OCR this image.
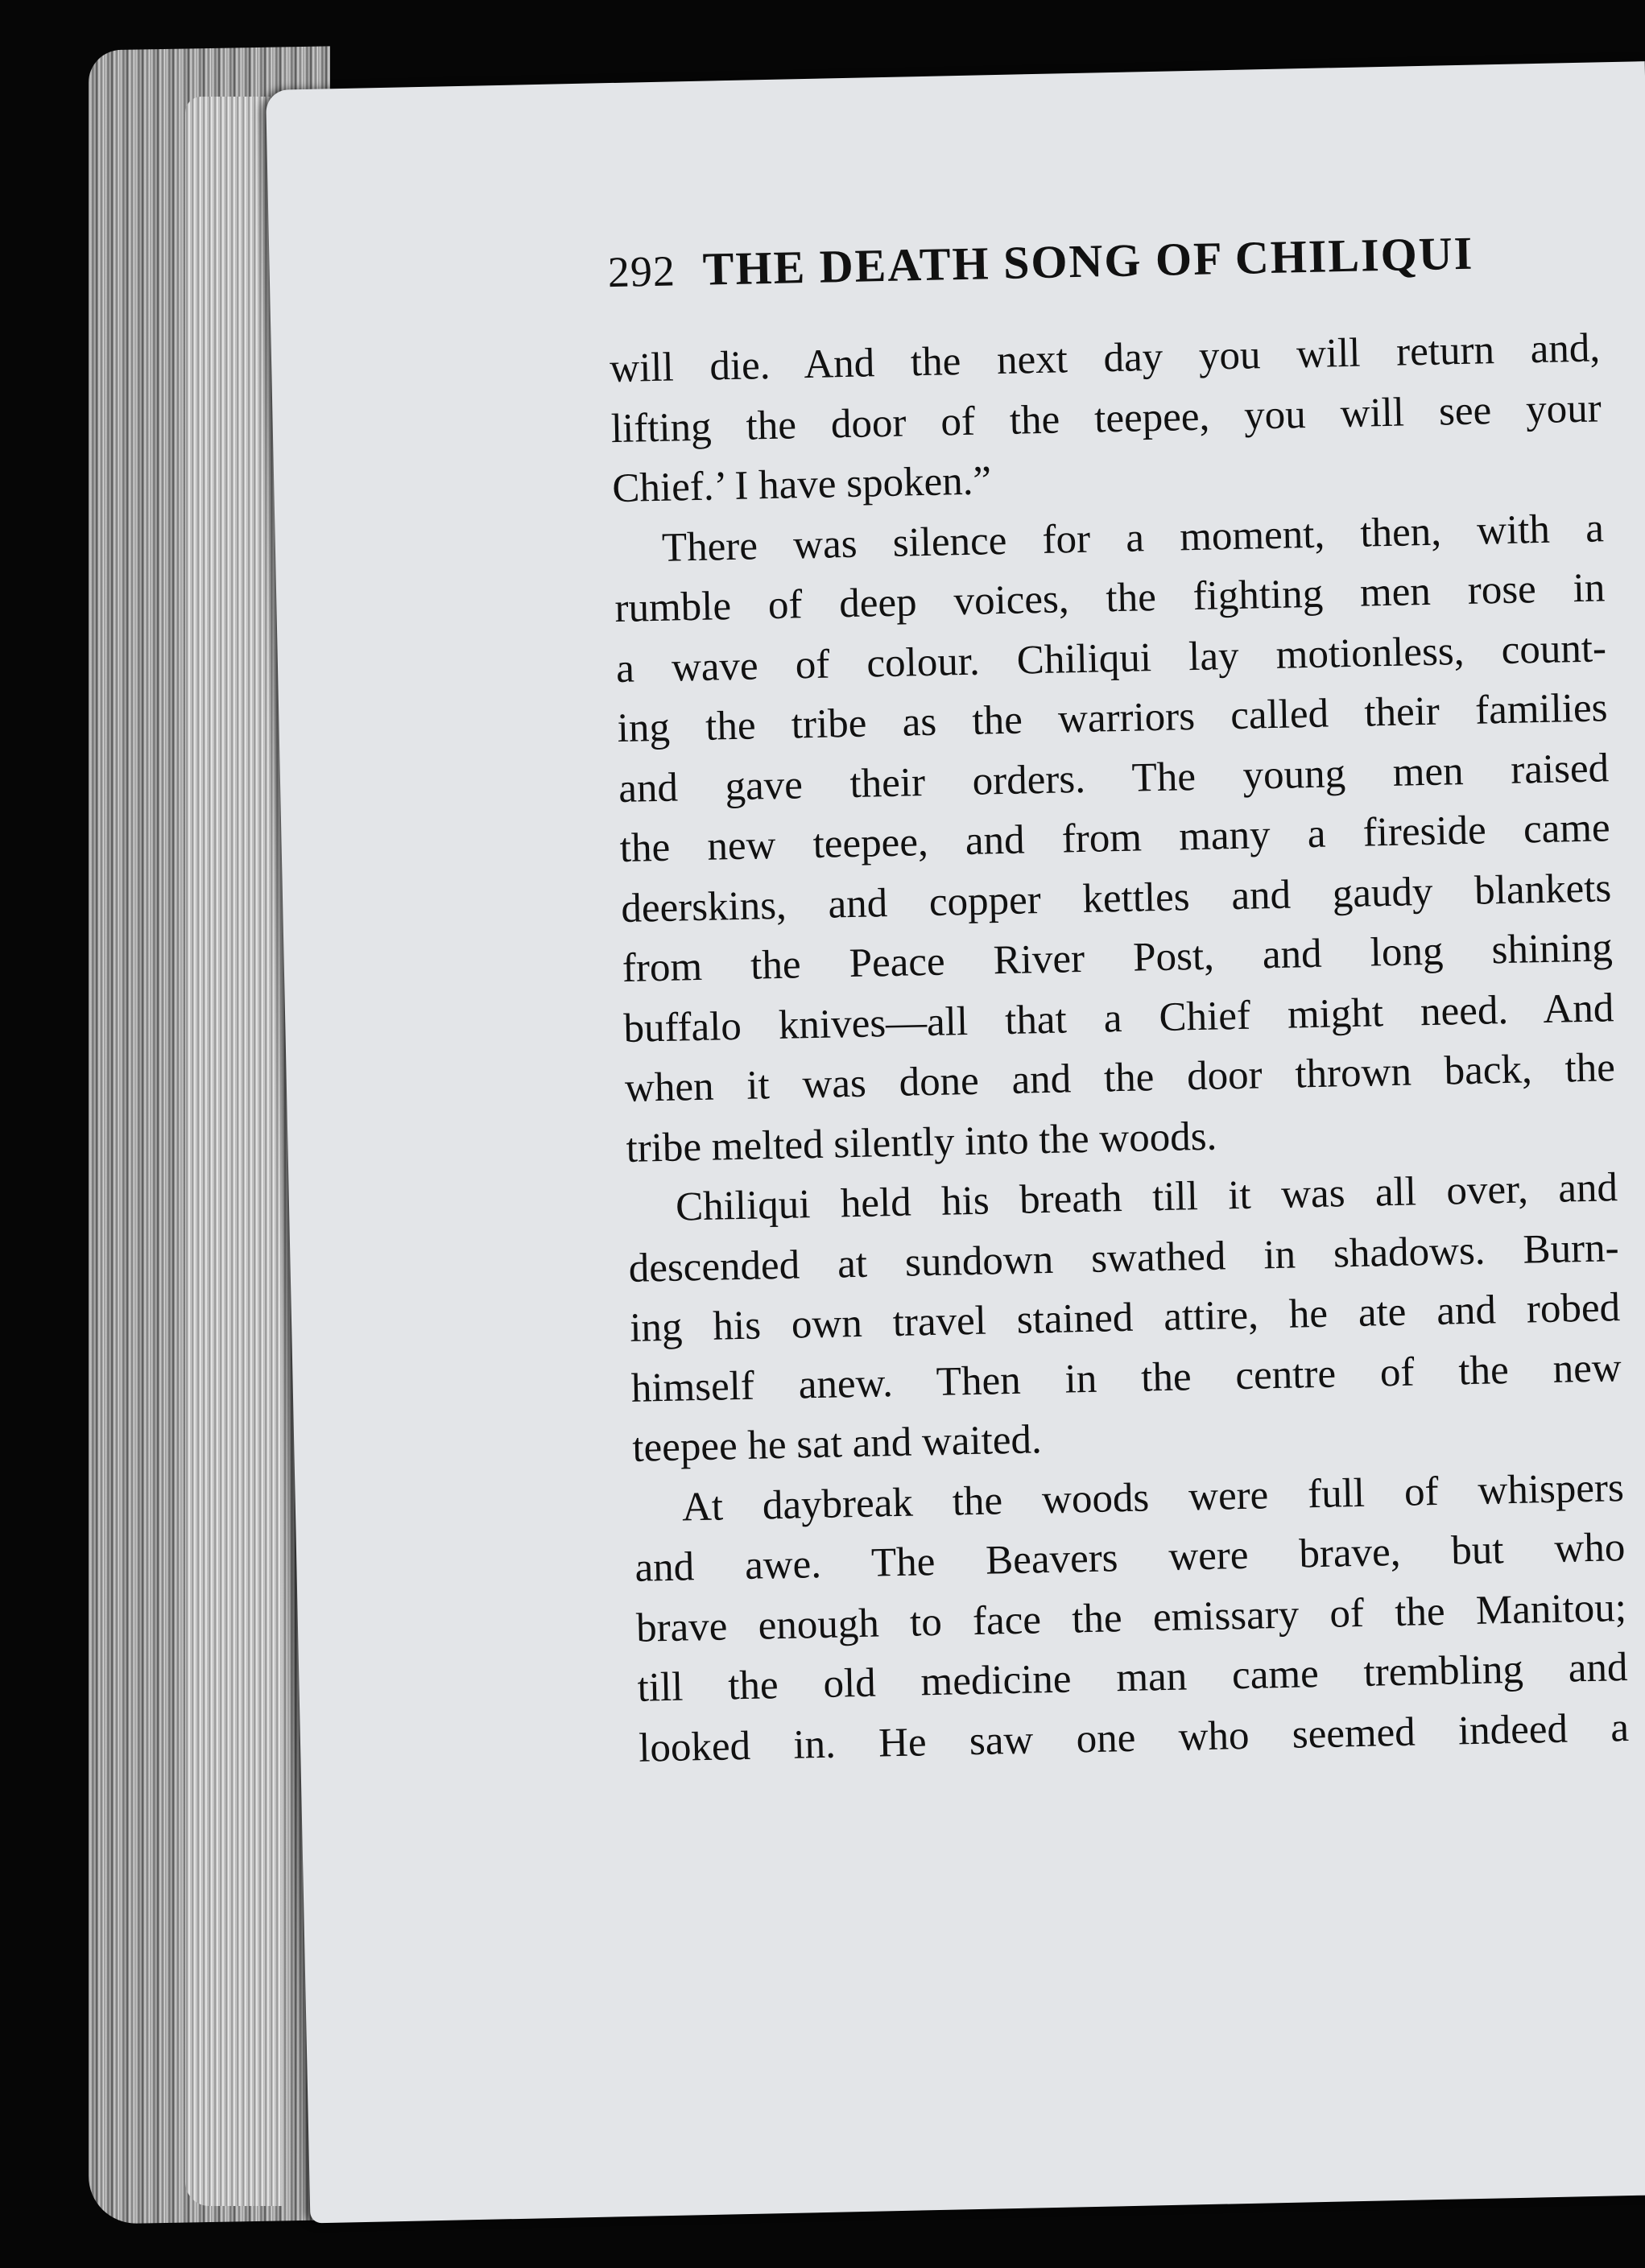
292 THE DEATH SONG OF CHILIQUI
will die. And the next day you will return and,
lifting the door of the teepee, you will see your
Chief.’ I have spoken.”
There was silence for a moment, then, with a
rumble of deep voices, the fighting men rose in
a wave of colour. Chiliqui lay motionless, count-
ing the tribe as the warriors called their families
and gave their orders. The young men raised
the new teepee, and from many a fireside came
deerskins, and copper kettles and gaudy blankets
from the Peace River Post, and long shining
buffalo knives—all that a Chief might need. And
when it was done and the door thrown back, the
tribe melted silently into the woods.
Chiliqui held his breath till it was all over, and
descended at sundown swathed in shadows. Burn-
ing his own travel stained attire, he ate and robed
himself anew. Then in the centre of the new
teepee he sat and waited.
At daybreak the woods were full of whispers
and awe. The Beavers were brave, but who
brave enough to face the emissary of the Manitou;
till the old medicine man came trembling and
looked in. He saw one who seemed indeed a
